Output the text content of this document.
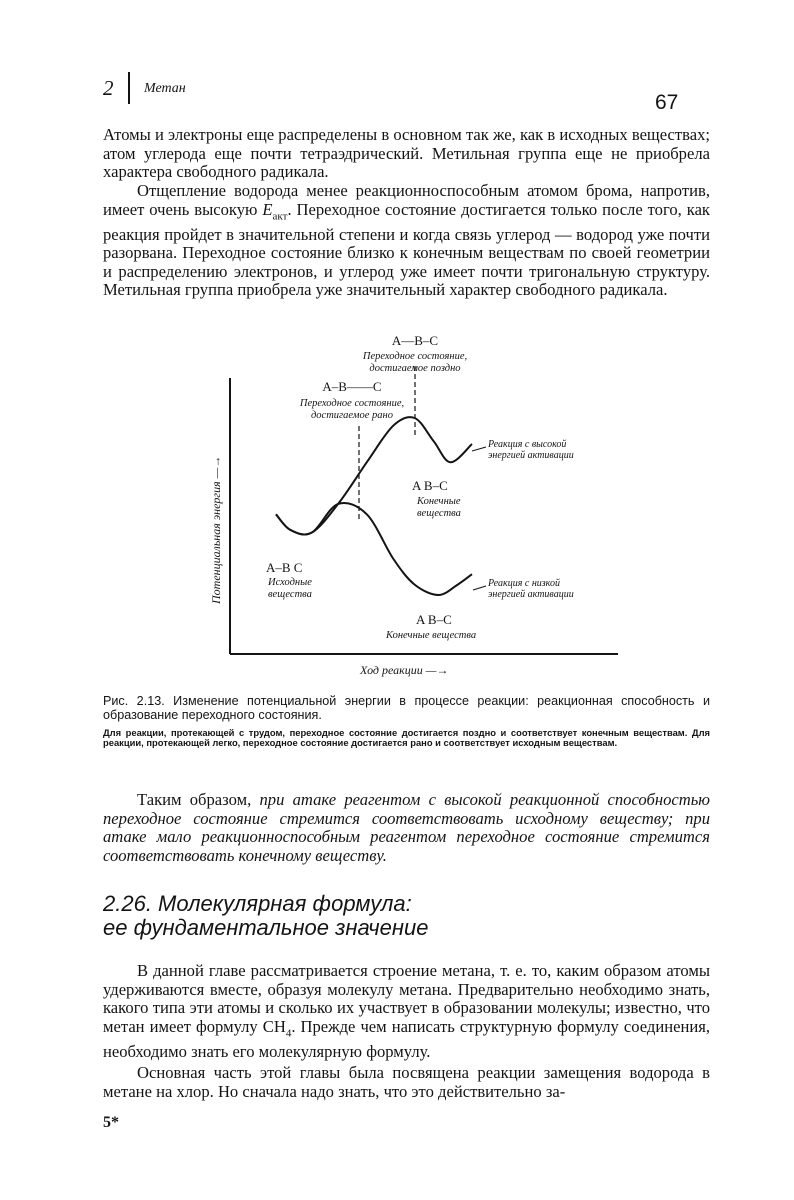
2 Метан
67

Атомы и электроны еще распределены в основном так же, как в исходных веществах; атом углерода еще почти тетраэдрический. Метильная группа еще не приобрела характера свободного радикала.

Отщепление водорода менее реакционноспособным атомом брома, напротив, имеет очень высокую $E_{акт}$. Переходное состояние достигается только после того, как реакция пройдет в значительной степени и когда связь углерод — водород уже почти разорвана. Переходное состояние близко к конечным веществам по своей геометрии и распределению электронов, и углерод уже имеет почти тригональную структуру. Метильная группа приобрела уже значительный характер свободного радикала.

Потенциальная энергия —→
Ход реакции —→
A—B–C
Переходное состояние,
достигаемое поздно
A–B——C
Переходное состояние,
достигаемое рано
Реакция с высокой
энергией активации
Реакция с низкой
энергией активации
A–B C
Исходные
вещества
A B–C
Конечные
вещества
A B–C
Конечные вещества

Рис. 2.13. Изменение потенциальной энергии в процессе реакции: реакционная способность и образование переходного состояния.

Для реакции, протекающей с трудом, переходное состояние достигается поздно и соответствует конечным веществам. Для реакции, протекающей легко, переходное состояние достигается рано и соответствует исходным веществам.

Таким образом, при атаке реагентом с высокой реакционной способностью переходное состояние стремится соответствовать исходному веществу; при атаке мало реакционноспособным реагентом переходное состояние стремится соответствовать конечному веществу.

2.26. Молекулярная формула:
ее фундаментальное значение

В данной главе рассматривается строение метана, т. е. то, каким образом атомы удерживаются вместе, образуя молекулу метана. Предварительно необходимо знать, какого типа эти атомы и сколько их участвует в образовании молекулы; известно, что метан имеет формулу $CH_4$. Прежде чем написать структурную формулу соединения, необходимо знать его молекулярную формулу.

Основная часть этой главы была посвящена реакции замещения водорода в метане на хлор. Но сначала надо знать, что это действительно за-

5*
